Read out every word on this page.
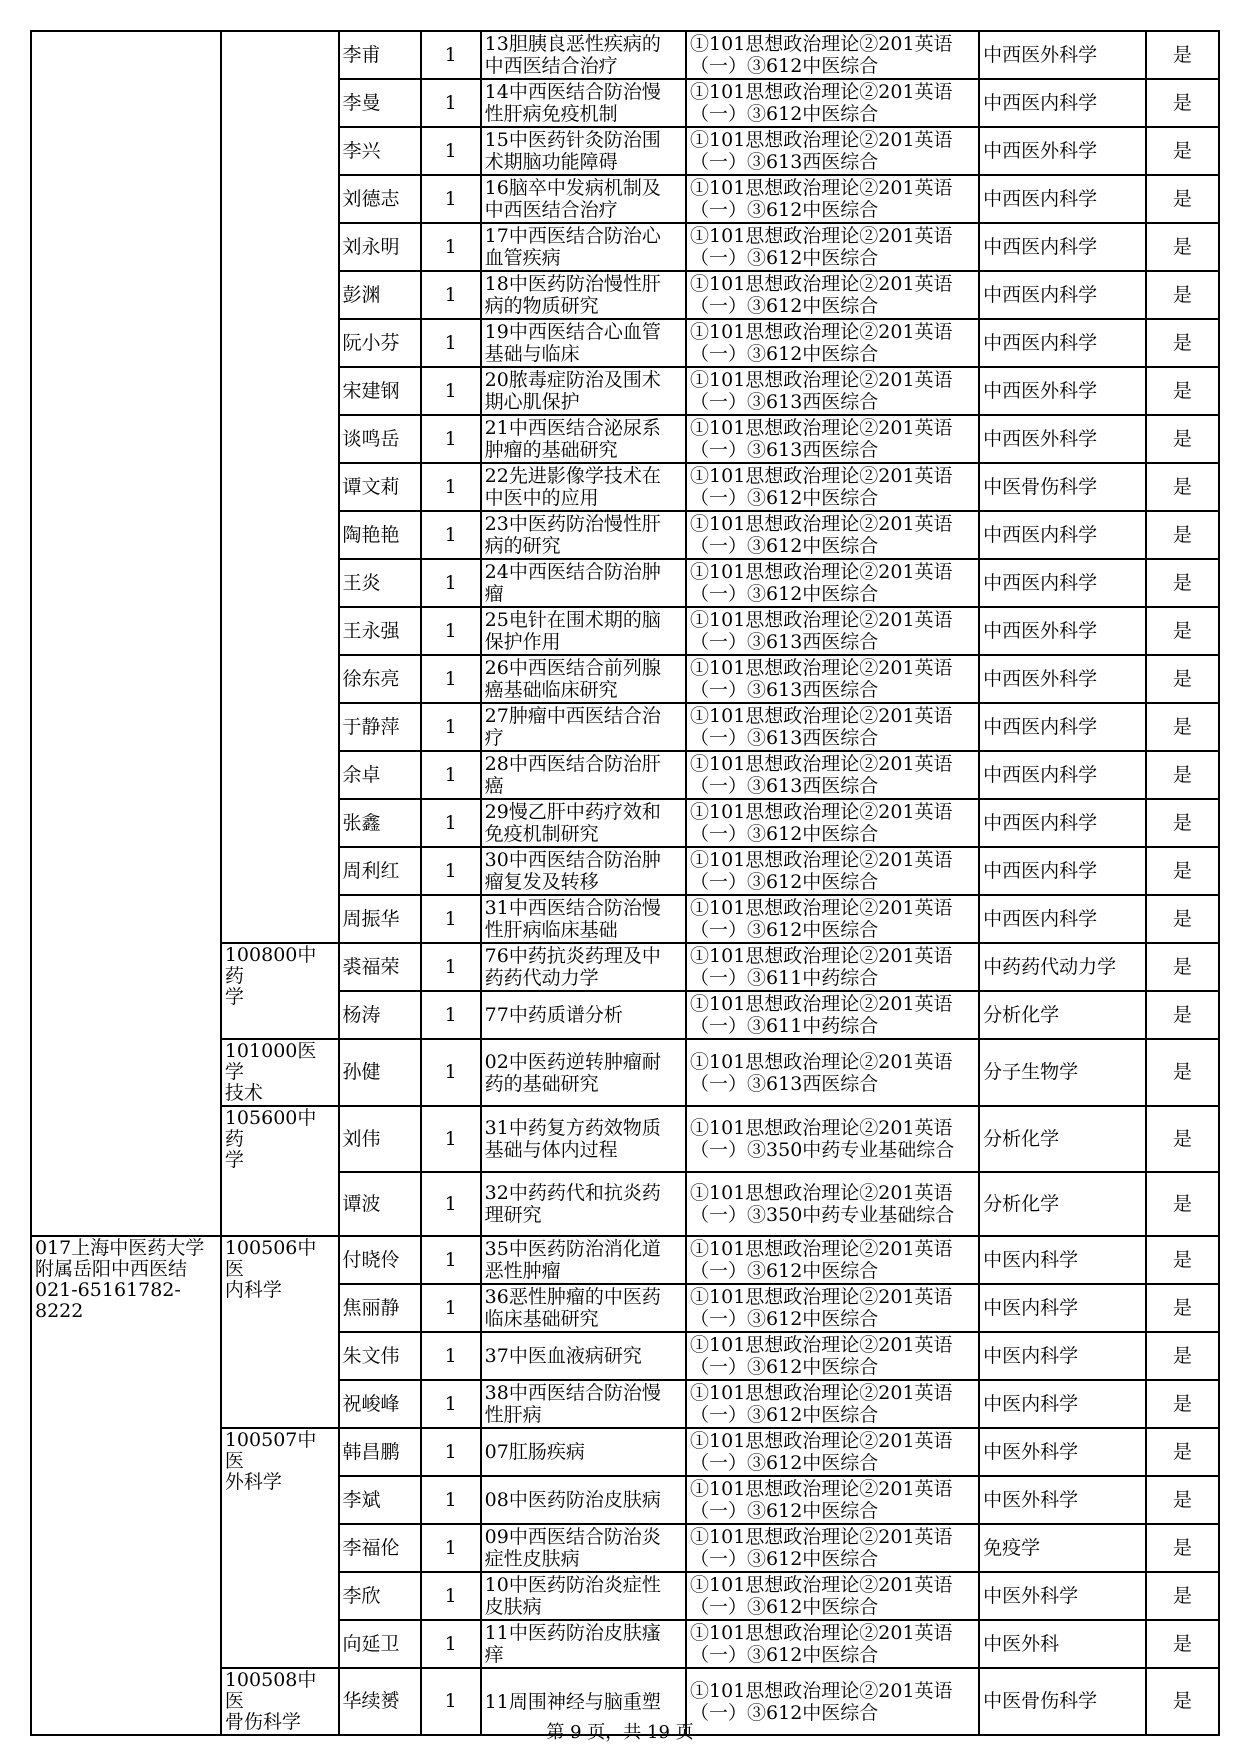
		李甫	1	13胆胰良恶性疾病的
中西医结合治疗	①101思想政治理论②201英语
（一）③612中医综合	中西医外科学	是
		李曼	1	14中西医结合防治慢
性肝病免疫机制	①101思想政治理论②201英语
（一）③612中医综合	中西医内科学	是
		李兴	1	15中医药针灸防治围
术期脑功能障碍	①101思想政治理论②201英语
（一）③613西医综合	中西医外科学	是
		刘德志	1	16脑卒中发病机制及
中西医结合治疗	①101思想政治理论②201英语
（一）③612中医综合	中西医内科学	是
		刘永明	1	17中西医结合防治心
血管疾病	①101思想政治理论②201英语
（一）③612中医综合	中西医内科学	是
		彭渊	1	18中医药防治慢性肝
病的物质研究	①101思想政治理论②201英语
（一）③612中医综合	中西医内科学	是
		阮小芬	1	19中西医结合心血管
基础与临床	①101思想政治理论②201英语
（一）③612中医综合	中西医内科学	是
		宋建钢	1	20脓毒症防治及围术
期心肌保护	①101思想政治理论②201英语
（一）③613西医综合	中西医外科学	是
		谈鸣岳	1	21中西医结合泌尿系
肿瘤的基础研究	①101思想政治理论②201英语
（一）③613西医综合	中西医外科学	是
		谭文莉	1	22先进影像学技术在
中医中的应用	①101思想政治理论②201英语
（一）③612中医综合	中医骨伤科学	是
		陶艳艳	1	23中医药防治慢性肝
病的研究	①101思想政治理论②201英语
（一）③612中医综合	中西医内科学	是
		王炎	1	24中西医结合防治肿
瘤	①101思想政治理论②201英语
（一）③612中医综合	中西医内科学	是
		王永强	1	25电针在围术期的脑
保护作用	①101思想政治理论②201英语
（一）③613西医综合	中西医外科学	是
		徐东亮	1	26中西医结合前列腺
癌基础临床研究	①101思想政治理论②201英语
（一）③613西医综合	中西医外科学	是
		于静萍	1	27肿瘤中西医结合治
疗	①101思想政治理论②201英语
（一）③613西医综合	中西医内科学	是
		余卓	1	28中西医结合防治肝
癌	①101思想政治理论②201英语
（一）③613西医综合	中西医内科学	是
		张鑫	1	29慢乙肝中药疗效和
免疫机制研究	①101思想政治理论②201英语
（一）③612中医综合	中西医内科学	是
		周利红	1	30中西医结合防治肿
瘤复发及转移	①101思想政治理论②201英语
（一）③612中医综合	中西医内科学	是
		周振华	1	31中西医结合防治慢
性肝病临床基础	①101思想政治理论②201英语
（一）③612中医综合	中西医内科学	是

	100800中药
学	裘福荣	1	76中药抗炎药理及中
药药代动力学	①101思想政治理论②201英语
（一）③611中药综合	中药药代动力学	是
		杨涛	1	77中药质谱分析	①101思想政治理论②201英语
（一）③611中药综合	分析化学	是

	101000医学
技术	孙健	1	02中医药逆转肿瘤耐
药的基础研究	①101思想政治理论②201英语
（一）③613西医综合	分子生物学	是

	105600中药
学	刘伟	1	31中药复方药效物质
基础与体内过程	①101思想政治理论②201英语
（一）③350中药专业基础综合	分析化学	是
		谭波	1	32中药药代和抗炎药
理研究	①101思想政治理论②201英语
（一）③350中药专业基础综合	分析化学	是

017上海中医药大学
附属岳阳中西医结
021-65161782-8222	100506中医
内科学	付晓伶	1	35中医药防治消化道
恶性肿瘤	①101思想政治理论②201英语
（一）③612中医综合	中医内科学	是
		焦丽静	1	36恶性肿瘤的中医药
临床基础研究	①101思想政治理论②201英语
（一）③612中医综合	中医内科学	是
		朱文伟	1	37中医血液病研究	①101思想政治理论②201英语
（一）③612中医综合	中医内科学	是
		祝峻峰	1	38中西医结合防治慢
性肝病	①101思想政治理论②201英语
（一）③612中医综合	中医内科学	是

	100507中医
外科学	韩昌鹏	1	07肛肠疾病	①101思想政治理论②201英语
（一）③612中医综合	中医外科学	是
		李斌	1	08中医药防治皮肤病	①101思想政治理论②201英语
（一）③612中医综合	中医外科学	是
		李福伦	1	09中西医结合防治炎
症性皮肤病	①101思想政治理论②201英语
（一）③612中医综合	免疫学	是
		李欣	1	10中医药防治炎症性
皮肤病	①101思想政治理论②201英语
（一）③612中医综合	中医外科学	是
		向延卫	1	11中医药防治皮肤瘙
痒	①101思想政治理论②201英语
（一）③612中医综合	中医外科	是

	100508中医
骨伤科学	华续赟	1	11周围神经与脑重塑	①101思想政治理论②201英语
（一）③612中医综合	中医骨伤科学	是
第 9 页，共 19 页
